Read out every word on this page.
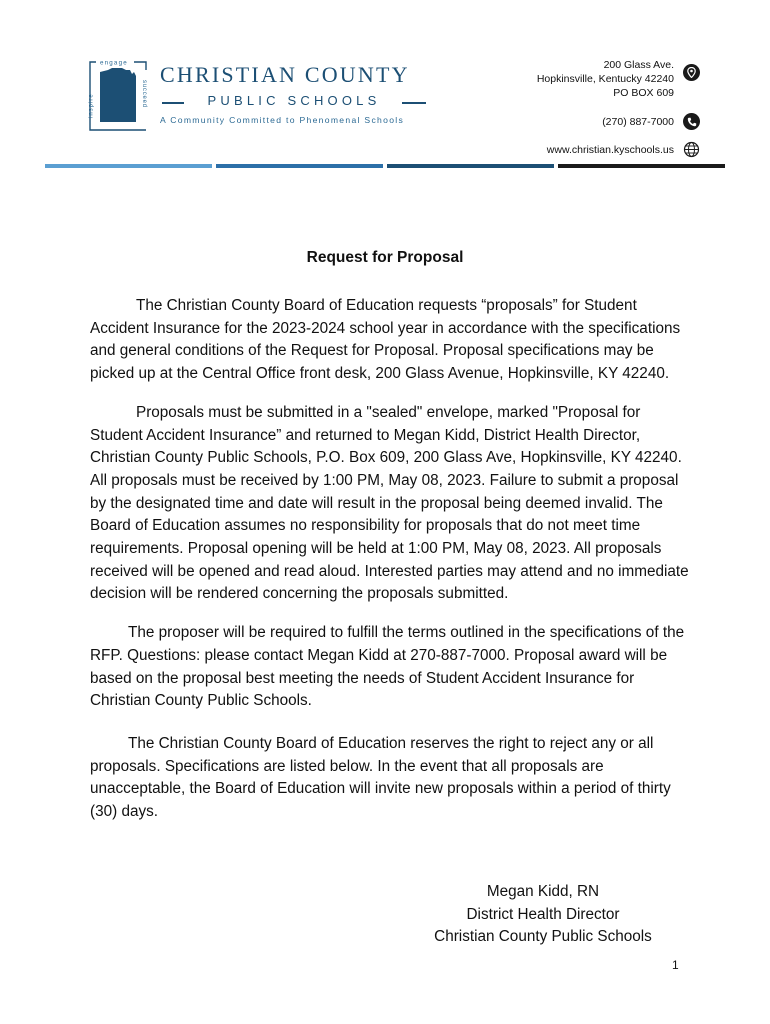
engage
inspire	succeed
CHRISTIAN COUNTY
PUBLIC SCHOOLS
A Community Committed to Phenomenal Schools
200 Glass Ave.
Hopkinsville, Kentucky 42240
PO BOX 609
(270) 887-7000
www.christian.kyschools.us
Request for Proposal

The Christian County Board of Education requests “proposals” for Student Accident Insurance for the 2023-2024 school year in accordance with the specifications and general conditions of the Request for Proposal. Proposal specifications may be picked up at the Central Office front desk, 200 Glass Avenue, Hopkinsville, KY 42240.

Proposals must be submitted in a "sealed" envelope, marked "Proposal for Student Accident Insurance” and returned to Megan Kidd, District Health Director, Christian County Public Schools, P.O. Box 609, 200 Glass Ave, Hopkinsville, KY 42240. All proposals must be received by 1:00 PM, May 08, 2023. Failure to submit a proposal by the designated time and date will result in the proposal being deemed invalid. The Board of Education assumes no responsibility for proposals that do not meet time requirements. Proposal opening will be held at 1:00 PM, May 08, 2023. All proposals received will be opened and read aloud. Interested parties may attend and no immediate decision will be rendered concerning the proposals submitted.

The proposer will be required to fulfill the terms outlined in the specifications of the RFP. Questions: please contact Megan Kidd at 270-887-7000. Proposal award will be based on the proposal best meeting the needs of Student Accident Insurance for Christian County Public Schools.

The Christian County Board of Education reserves the right to reject any or all proposals. Specifications are listed below. In the event that all proposals are unacceptable, the Board of Education will invite new proposals within a period of thirty (30) days.

Megan Kidd, RN
District Health Director
Christian County Public Schools
1
